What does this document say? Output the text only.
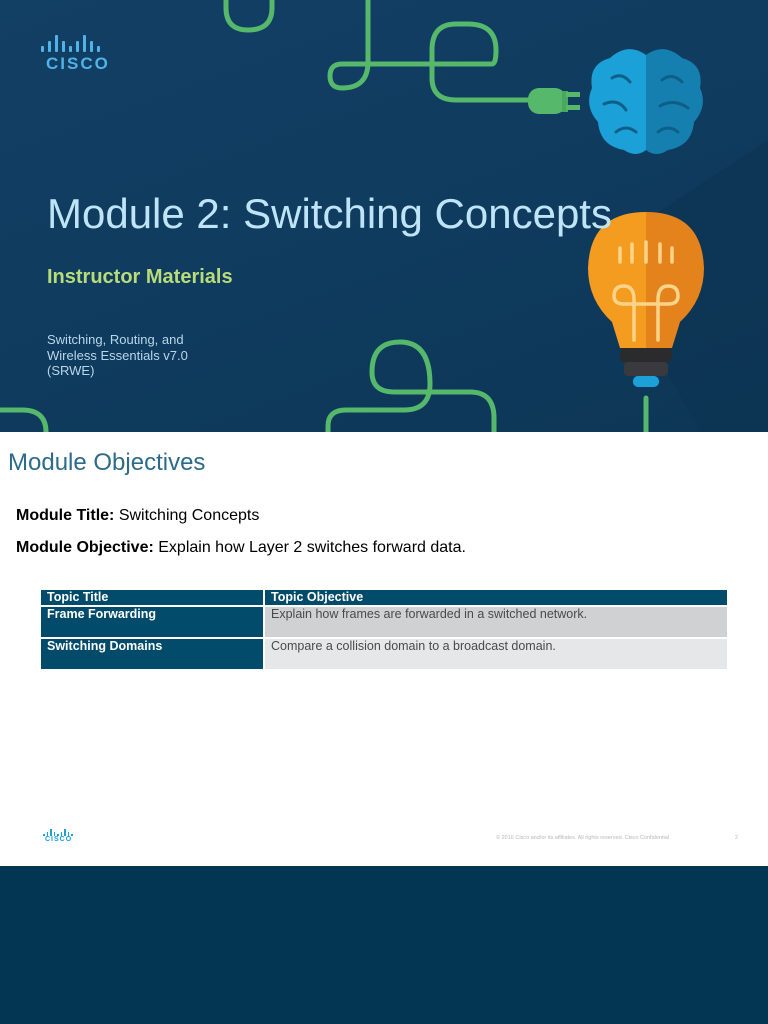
CISCO
Module 2: Switching Concepts
Instructor Materials
Switching, Routing, and
Wireless Essentials v7.0
(SRWE)
Module Objectives
Module Title: Switching Concepts
Module Objective: Explain how Layer 2 switches forward data.
Topic Title	Topic Objective
Frame Forwarding	Explain how frames are forwarded in a switched network.
Switching Domains	Compare a collision domain to a broadcast domain.
CISCO	© 2016 Cisco and/or its affiliates. All rights reserved. Cisco Confidential	2
